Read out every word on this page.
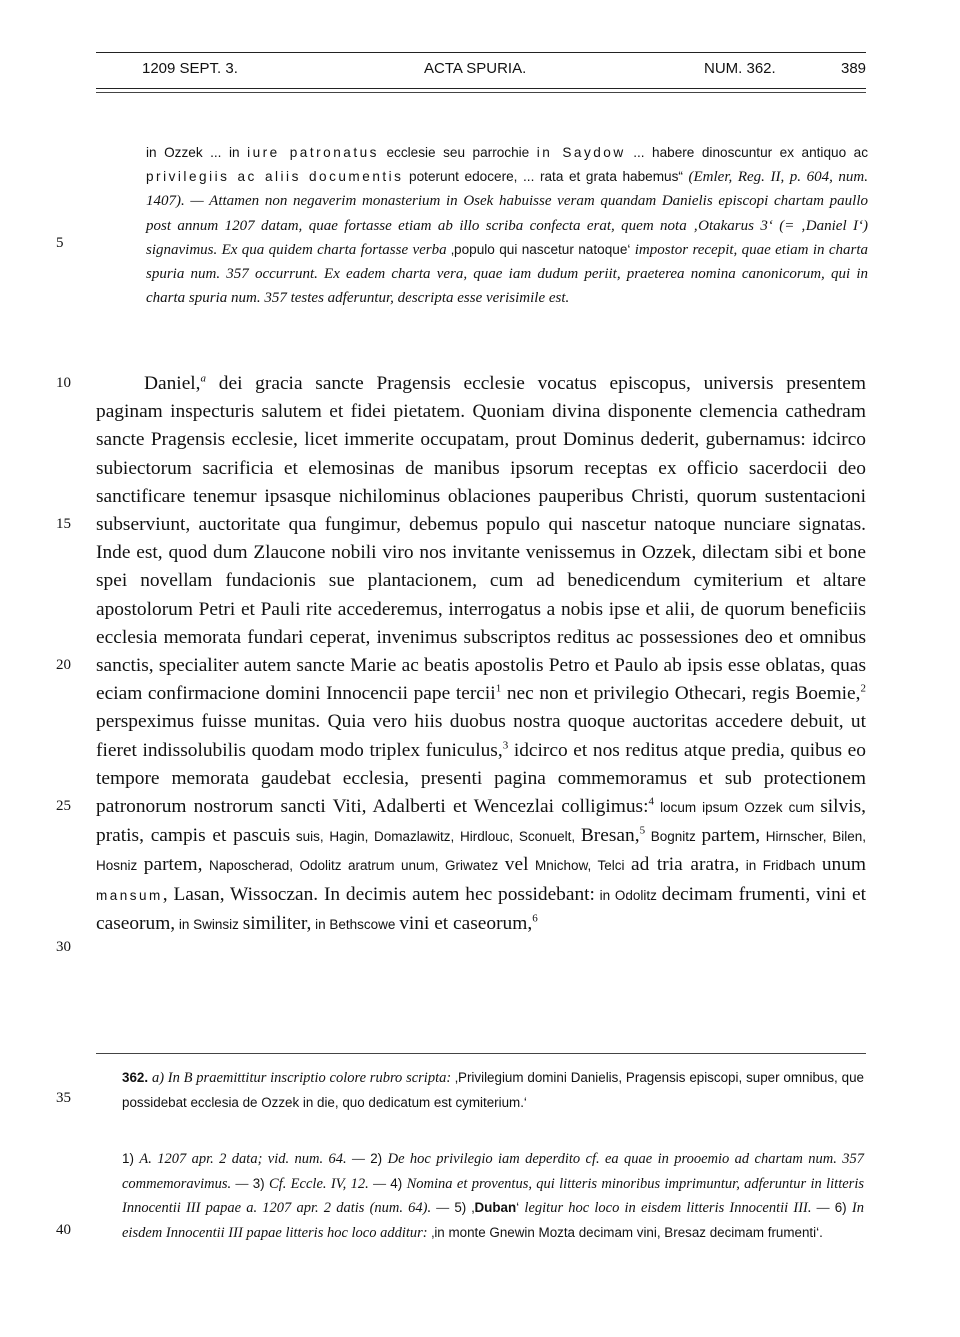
1209 SEPT. 3.	ACTA SPURIA.	NUM. 362.	389
5
10
15
20
25
30
35
40
in Ozzek ... in iure patronatus ecclesie seu parrochie in Saydow ... habere dinoscuntur ex antiquo ac privilegiis ac aliis documentis poterunt edocere, ... rata et grata habemus“ (Emler, Reg. II, p. 604, num. 1407). — Attamen non negaverim monasterium in Osek habuisse veram quandam Danielis episcopi chartam paullo post annum 1207 datam, quae fortasse etiam ab illo scriba confecta erat, quem nota ‚Otakarus 3‘ (= ‚Daniel I‘) signavimus. Ex qua quidem charta fortasse verba ‚populo qui nascetur natoque‘ impostor recepit, quae etiam in charta spuria num. 357 occurrunt. Ex eadem charta vera, quae iam dudum periit, praeterea nomina canonicorum, qui in charta spuria num. 357 testes adferuntur, descripta esse verisimile est.

Daniel,$^a$ dei gracia sancte Pragensis ecclesie vocatus episcopus, universis presentem paginam inspecturis salutem et fidei pietatem. Quoniam divina disponente clemencia cathedram sancte Pragensis ecclesie, licet immerite occupatam, prout Dominus dederit, gubernamus: idcirco subiectorum sacrificia et elemosinas de manibus ipsorum receptas ex officio sacerdocii deo sanctificare tenemur ipsasque nichilominus oblaciones pauperibus Christi, quorum sustentacioni subserviunt, auctoritate qua fungimur, debemus populo qui nascetur natoque nunciare signatas. Inde est, quod dum Zlaucone nobili viro nos invitante venissemus in Ozzek, dilectam sibi et bone spei novellam fundacionis sue plantacionem, cum ad benedicendum cymiterium et altare apostolorum Petri et Pauli rite accederemus, interrogatus a nobis ipse et alii, de quorum beneficiis ecclesia memorata fundari ceperat, invenimus subscriptos reditus ac possessiones deo et omnibus sanctis, specialiter autem sancte Marie ac beatis apostolis Petro et Paulo ab ipsis esse oblatas, quas eciam confirmacione domini Innocencii pape tercii$^1$ nec non et privilegio Othecari, regis Boemie,$^2$ perspeximus fuisse munitas. Quia vero hiis duobus nostra quoque auctoritas accedere debuit, ut fieret indissolubilis quodam modo triplex funiculus,$^3$ idcirco et nos reditus atque predia, quibus eo tempore memorata gaudebat ecclesia, presenti pagina commemoramus et sub protectionem patronorum nostrorum sancti Viti, Adalberti et Wencezlai colligimus:$^4$ locum ipsum Ozzek cum silvis, pratis, campis et pascuis suis, Hagin, Domazlawitz, Hirdlouc, Sconuelt, Bresan,$^5$ Bognitz partem, Hirnscher, Bilen, Hosniz partem, Naposcherad, Odolitz aratrum unum, Griwatez vel Mnichow, Telci ad tria aratra, in Fridbach unum mansum, Lasan, Wissoczan. In decimis autem hec possidebant: in Odolitz decimam frumenti, vini et caseorum, in Swinsiz similiter, in Bethscowe vini et caseorum,$^6$

362. a) In B praemittitur inscriptio colore rubro scripta: ‚Privilegium domini Danielis, Pragensis episcopi, super omnibus, que possidebat ecclesia de Ozzek in die, quo dedicatum est cymiterium.‘

1) A. 1207 apr. 2 data; vid. num. 64. — 2) De hoc privilegio iam deperdito cf. ea quae in prooemio ad chartam num. 357 commemoravimus. — 3) Cf. Eccle. IV, 12. — 4) Nomina et proventus, qui litteris minoribus imprimuntur, adferuntur in litteris Innocentii III papae a. 1207 apr. 2 datis (num. 64). — 5) ‚Duban‘ legitur hoc loco in eisdem litteris Innocentii III. — 6) In eisdem Innocentii III papae litteris hoc loco additur: ‚in monte Gnewin Mozta decimam vini, Bresaz decimam frumenti‘.
